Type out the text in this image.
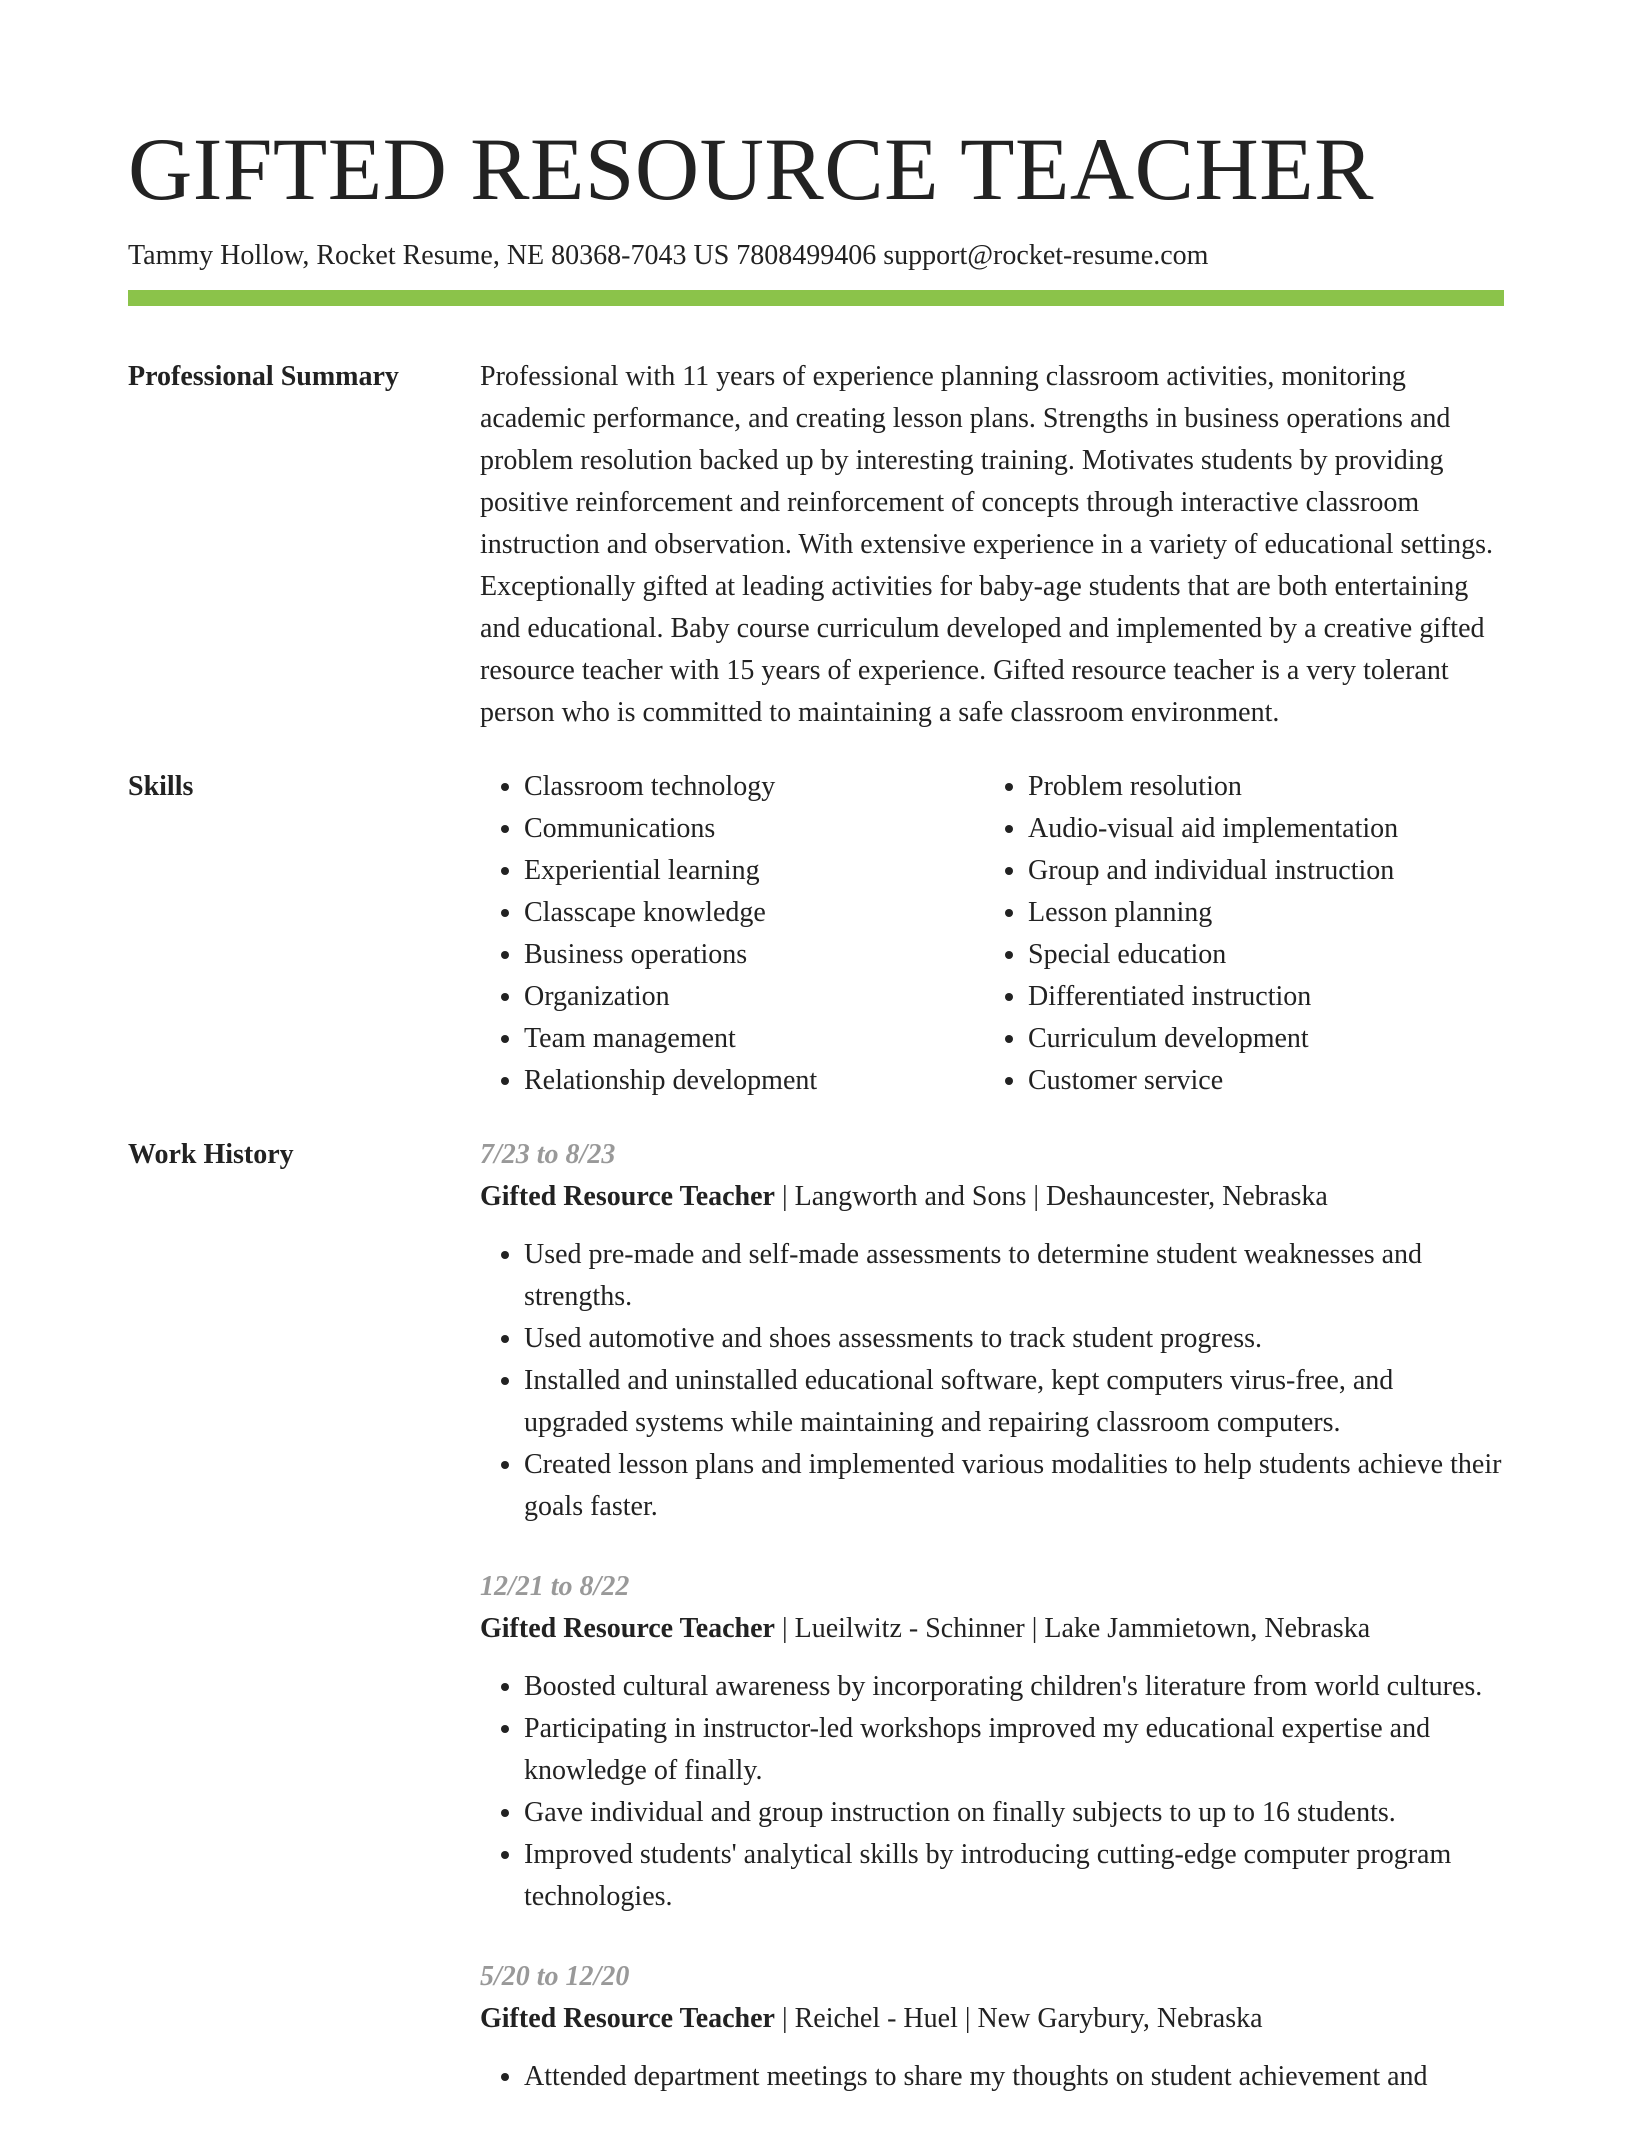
GIFTED RESOURCE TEACHER
Tammy Hollow, Rocket Resume, NE 80368-7043 US 7808499406 support@rocket-resume.com
Professional Summary	Professional with 11 years of experience planning classroom activities, monitoring academic performance, and creating lesson plans. Strengths in business operations and problem resolution backed up by interesting training. Motivates students by providing positive reinforcement and reinforcement of concepts through interactive classroom instruction and observation. With extensive experience in a variety of educational settings. Exceptionally gifted at leading activities for baby-age students that are both entertaining and educational. Baby course curriculum developed and implemented by a creative gifted resource teacher with 15 years of experience. Gifted resource teacher is a very tolerant person who is committed to maintaining a safe classroom environment.
Skills
•	Classroom technology
• Communications
• Experiential learning
• Classcape knowledge
• Business operations
• Organization
• Team management
• Relationship development
• Problem resolution
• Audio-visual aid implementation
• Group and individual instruction
• Lesson planning
• Special education
• Differentiated instruction
• Curriculum development
• Customer service
Work History	7/23 to 8/23
Gifted Resource Teacher | Langworth and Sons | Deshauncester, Nebraska
• Used pre-made and self-made assessments to determine student weaknesses and strengths.
• Used automotive and shoes assessments to track student progress.
• Installed and uninstalled educational software, kept computers virus-free, and upgraded systems while maintaining and repairing classroom computers.
• Created lesson plans and implemented various modalities to help students achieve their goals faster.
12/21 to 8/22
Gifted Resource Teacher | Lueilwitz - Schinner | Lake Jammietown, Nebraska
• Boosted cultural awareness by incorporating children's literature from world cultures.
• Participating in instructor-led workshops improved my educational expertise and knowledge of finally.
• Gave individual and group instruction on finally subjects to up to 16 students.
• Improved students' analytical skills by introducing cutting-edge computer program technologies.
5/20 to 12/20
Gifted Resource Teacher | Reichel - Huel | New Garybury, Nebraska
• Attended department meetings to share my thoughts on student achievement and
